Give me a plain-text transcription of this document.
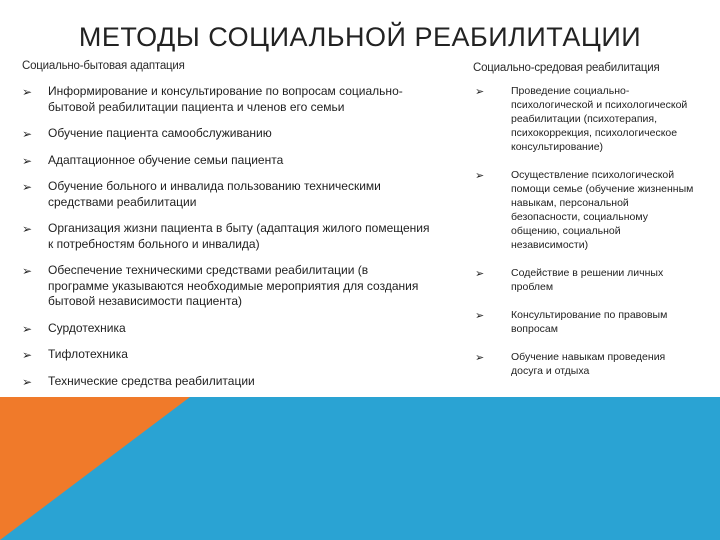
МЕТОДЫ СОЦИАЛЬНОЙ РЕАБИЛИТАЦИИ
Социально-бытовая адаптация
➢ Информирование и консультирование по вопросам социально-бытовой реабилитации пациента и членов его семьи
➢ Обучение пациента самообслуживанию
➢ Адаптационное обучение семьи пациента
➢ Обучение больного и инвалида пользованию техническими средствами реабилитации
➢ Организация жизни пациента в быту (адаптация жилого помещения к потребностям больного и инвалида)
➢ Обеспечение техническими средствами реабилитации (в программе указываются необходимые мероприятия для создания бытовой независимости пациента)
➢ Сурдотехника
➢ Тифлотехника
➢ Технические средства реабилитации
Социально-средовая реабилитация
➢	Проведение социально-психологической и психологической реабилитации (психотерапия, психокоррекция, психологическое консультирование)
➢	Осуществление психологической помощи семье (обучение жизненным навыкам, персональной безопасности, социальному общению, социальной независимости)
➢	Содействие в решении личных проблем
➢	Консультирование по правовым вопросам
➢	Обучение навыкам проведения досуга и отдыха
